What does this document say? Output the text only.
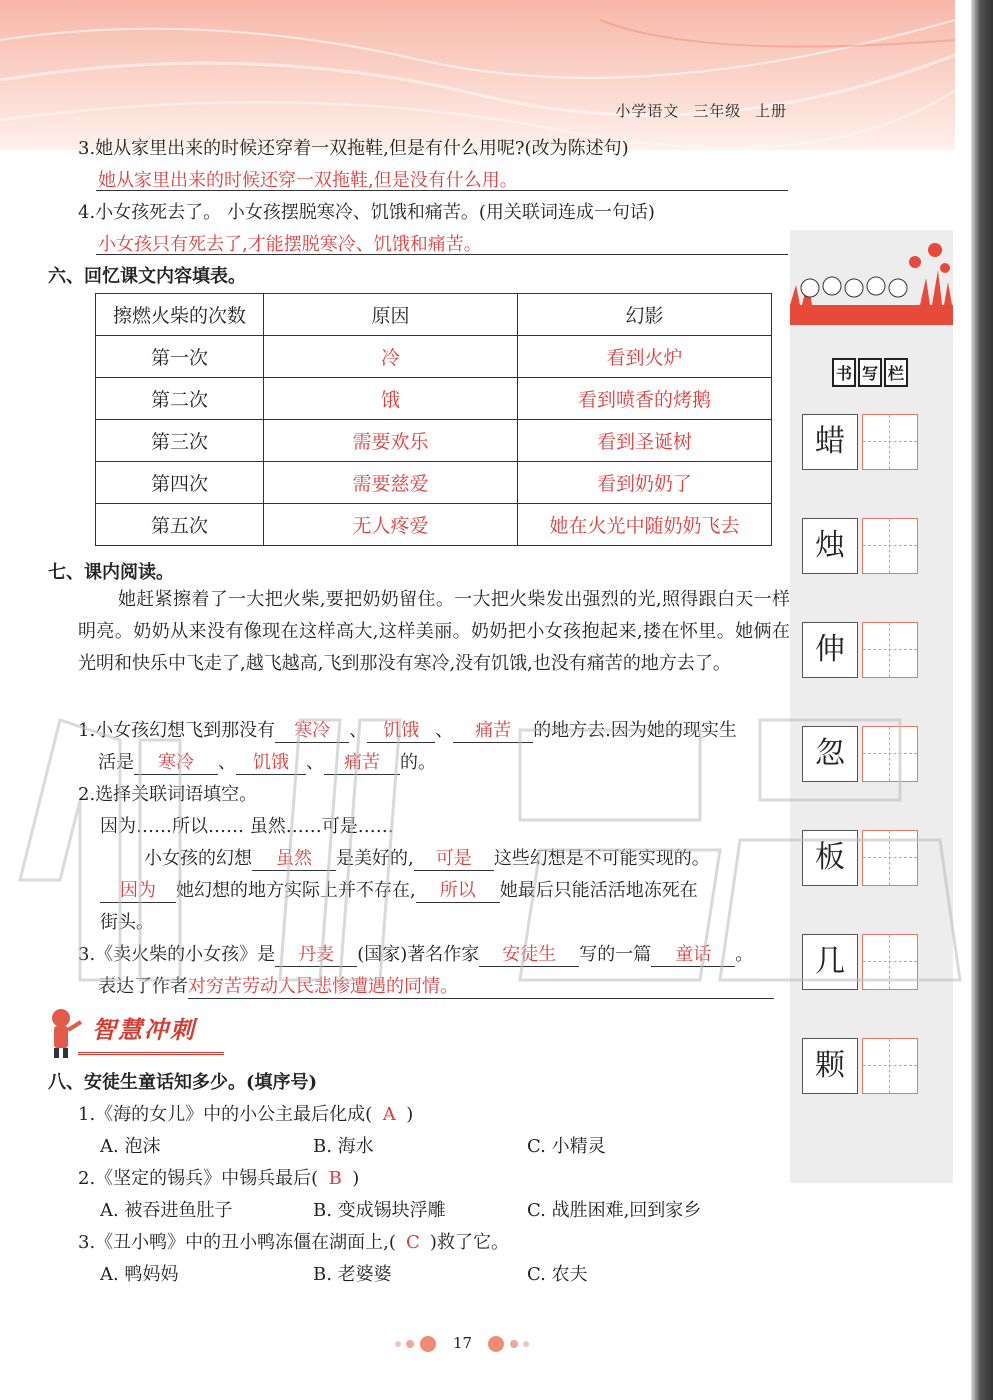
小学语文 三年级 上册
3.她从家里出来的时候还穿着一双拖鞋,但是有什么用呢?(改为陈述句)
她从家里出来的时候还穿一双拖鞋,但是没有什么用。
4.小女孩死去了。 小女孩摆脱寒冷、饥饿和痛苦。(用关联词连成一句话)
小女孩只有死去了,才能摆脱寒冷、饥饿和痛苦。
六、回忆课文内容填表。
擦燃火柴的次数	原因	幻影
第一次	冷	看到火炉
第二次	饿	看到喷香的烤鹅
第三次	需要欢乐	看到圣诞树
第四次	需要慈爱	看到奶奶了
第五次	无人疼爱	她在火光中随奶奶飞去
七、课内阅读。
她赶紧擦着了一大把火柴,要把奶奶留住。一大把火柴发出强烈的光,照得跟白天一样明亮。奶奶从来没有像现在这样高大,这样美丽。奶奶把小女孩抱起来,搂在怀里。她俩在光明和快乐中飞走了,越飞越高,飞到那没有寒冷,没有饥饿,也没有痛苦的地方去了。
1.小女孩幻想飞到那没有 寒冷 、 饥饿 、 痛苦 的地方去.因为她的现实生
活是 寒冷 、 饥饿 、 痛苦 的。
2.选择关联词语填空。
因为……所以…… 虽然……可是……
小女孩的幻想 虽然 是美好的, 可是 这些幻想是不可能实现的。
因为 她幻想的地方实际上并不存在, 所以 她最后只能活活地冻死在
街头。
3.《卖火柴的小女孩》是 丹麦 (国家)著名作家 安徒生 写的一篇 童话 。
表达了作者对穷苦劳动人民悲惨遭遇的同情。
智慧冲刺
八、安徒生童话知多少。(填序号)
1.《海的女儿》中的小公主最后化成( A )
A. 泡沫	B. 海水	C. 小精灵
2.《坚定的锡兵》中锡兵最后( B )
A. 被吞进鱼肚子	B. 变成锡块浮雕	C. 战胜困难,回到家乡
3.《丑小鸭》中的丑小鸭冻僵在湖面上,( C )救了它。
A. 鸭妈妈	B. 老婆婆	C. 农夫
书 写 栏
蜡
烛
伸
忽
板
几
颗
17
